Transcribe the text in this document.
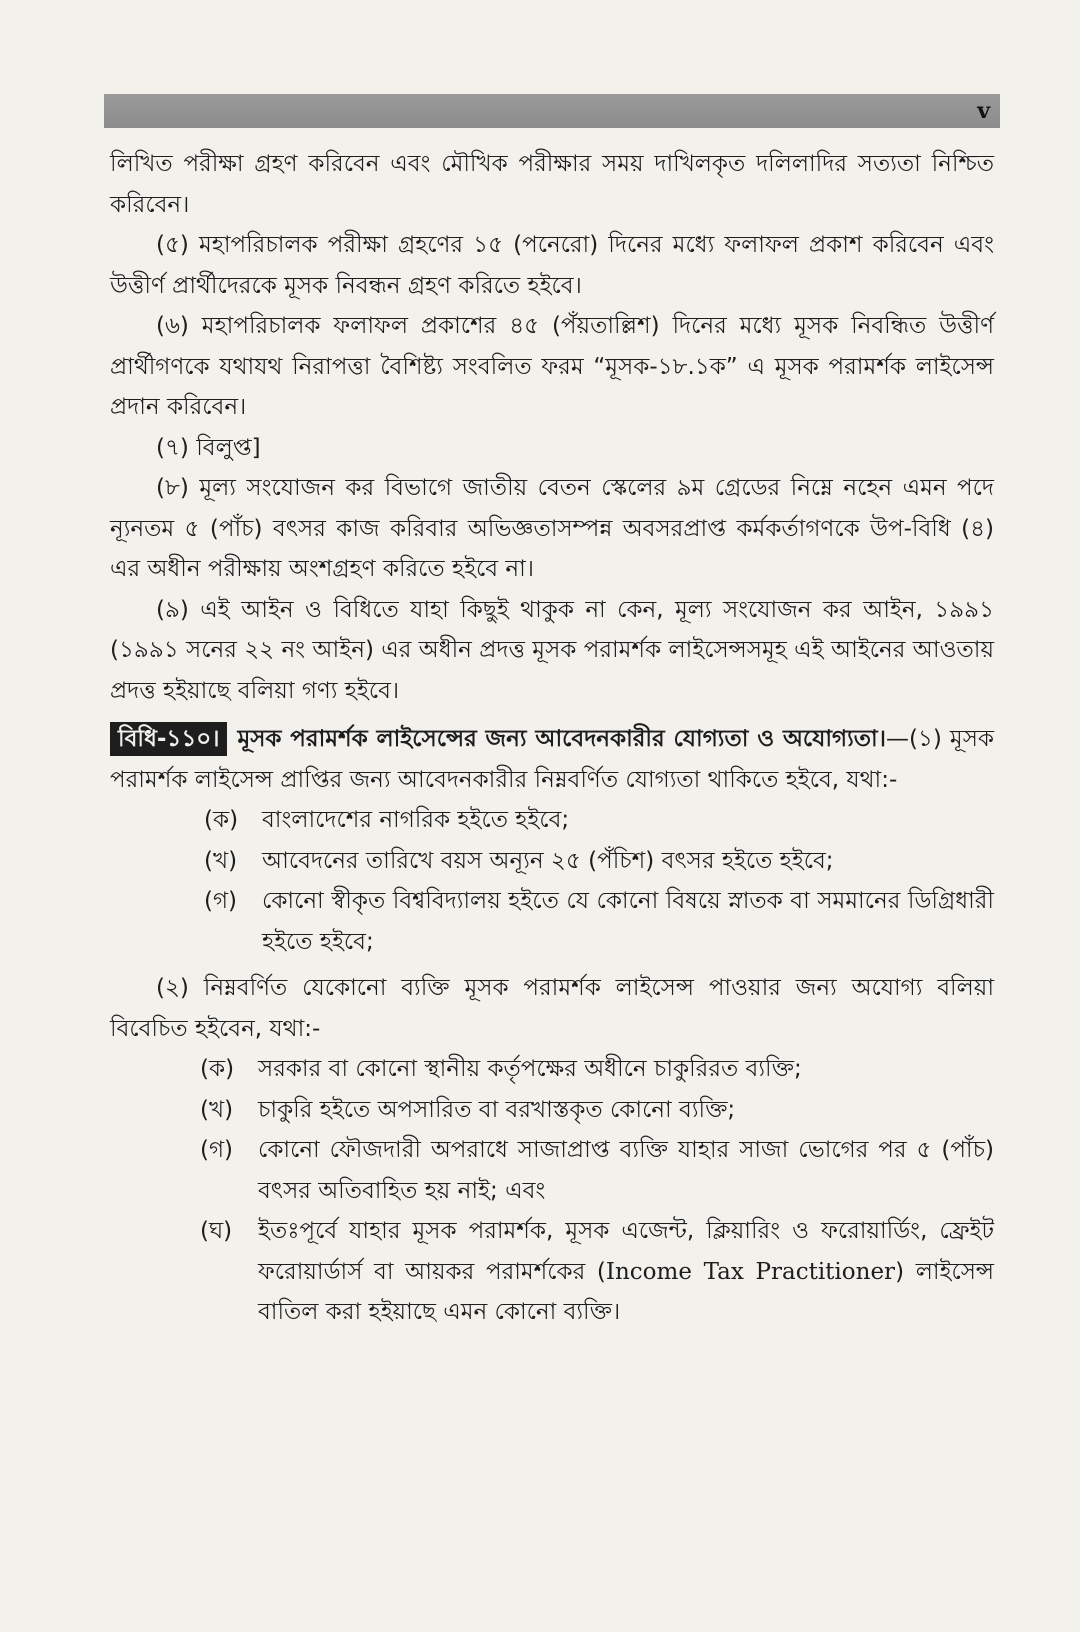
v

লিখিত পরীক্ষা গ্রহণ করিবেন এবং মৌখিক পরীক্ষার সময় দাখিলকৃত দলিলাদির সত্যতা নিশ্চিত করিবেন।

(৫) মহাপরিচালক পরীক্ষা গ্রহণের ১৫ (পনেরো) দিনের মধ্যে ফলাফল প্রকাশ করিবেন এবং উত্তীর্ণ প্রার্থীদেরকে মূসক নিবন্ধন গ্রহণ করিতে হইবে।

(৬) মহাপরিচালক ফলাফল প্রকাশের ৪৫ (পঁয়তাল্লিশ) দিনের মধ্যে মূসক নিবন্ধিত উত্তীর্ণ প্রার্থীগণকে যথাযথ নিরাপত্তা বৈশিষ্ট্য সংবলিত ফরম “মূসক-১৮.১ক” এ মূসক পরামর্শক লাইসেন্স প্রদান করিবেন।

(৭) বিলুপ্ত]

(৮) মূল্য সংযোজন কর বিভাগে জাতীয় বেতন স্কেলের ৯ম গ্রেডের নিম্নে নহেন এমন পদে ন্যূনতম ৫ (পাঁচ) বৎসর কাজ করিবার অভিজ্ঞতাসম্পন্ন অবসরপ্রাপ্ত কর্মকর্তাগণকে উপ-বিধি (৪) এর অধীন পরীক্ষায় অংশগ্রহণ করিতে হইবে না।

(৯) এই আইন ও বিধিতে যাহা কিছুই থাকুক না কেন, মূল্য সংযোজন কর আইন, ১৯৯১ (১৯৯১ সনের ২২ নং আইন) এর অধীন প্রদত্ত মূসক পরামর্শক লাইসেন্সসমূহ এই আইনের আওতায় প্রদত্ত হইয়াছে বলিয়া গণ্য হইবে।

বিধি-১১০। মূসক পরামর্শক লাইসেন্সের জন্য আবেদনকারীর যোগ্যতা ও অযোগ্যতা।—(১) মূসক পরামর্শক লাইসেন্স প্রাপ্তির জন্য আবেদনকারীর নিম্নবর্ণিত যোগ্যতা থাকিতে হইবে, যথা:-

(ক)	বাংলাদেশের নাগরিক হইতে হইবে;
(খ)	আবেদনের তারিখে বয়স অন্যূন ২৫ (পঁচিশ) বৎসর হইতে হইবে;
(গ)	কোনো স্বীকৃত বিশ্ববিদ্যালয় হইতে যে কোনো বিষয়ে স্নাতক বা সমমানের ডিগ্রিধারী হইতে হইবে;

(২) নিম্নবর্ণিত যেকোনো ব্যক্তি মূসক পরামর্শক লাইসেন্স পাওয়ার জন্য অযোগ্য বলিয়া বিবেচিত হইবেন, যথা:-

(ক)	সরকার বা কোনো স্থানীয় কর্তৃপক্ষের অধীনে চাকুরিরত ব্যক্তি;
(খ)	চাকুরি হইতে অপসারিত বা বরখাস্তকৃত কোনো ব্যক্তি;
(গ)	কোনো ফৌজদারী অপরাধে সাজাপ্রাপ্ত ব্যক্তি যাহার সাজা ভোগের পর ৫ (পাঁচ) বৎসর অতিবাহিত হয় নাই; এবং
(ঘ)	ইতঃপূর্বে যাহার মূসক পরামর্শক, মূসক এজেন্ট, ক্লিয়ারিং ও ফরোয়ার্ডিং, ফ্রেইট ফরোয়ার্ডার্স বা আয়কর পরামর্শকের (Income Tax Practitioner) লাইসেন্স বাতিল করা হইয়াছে এমন কোনো ব্যক্তি।
